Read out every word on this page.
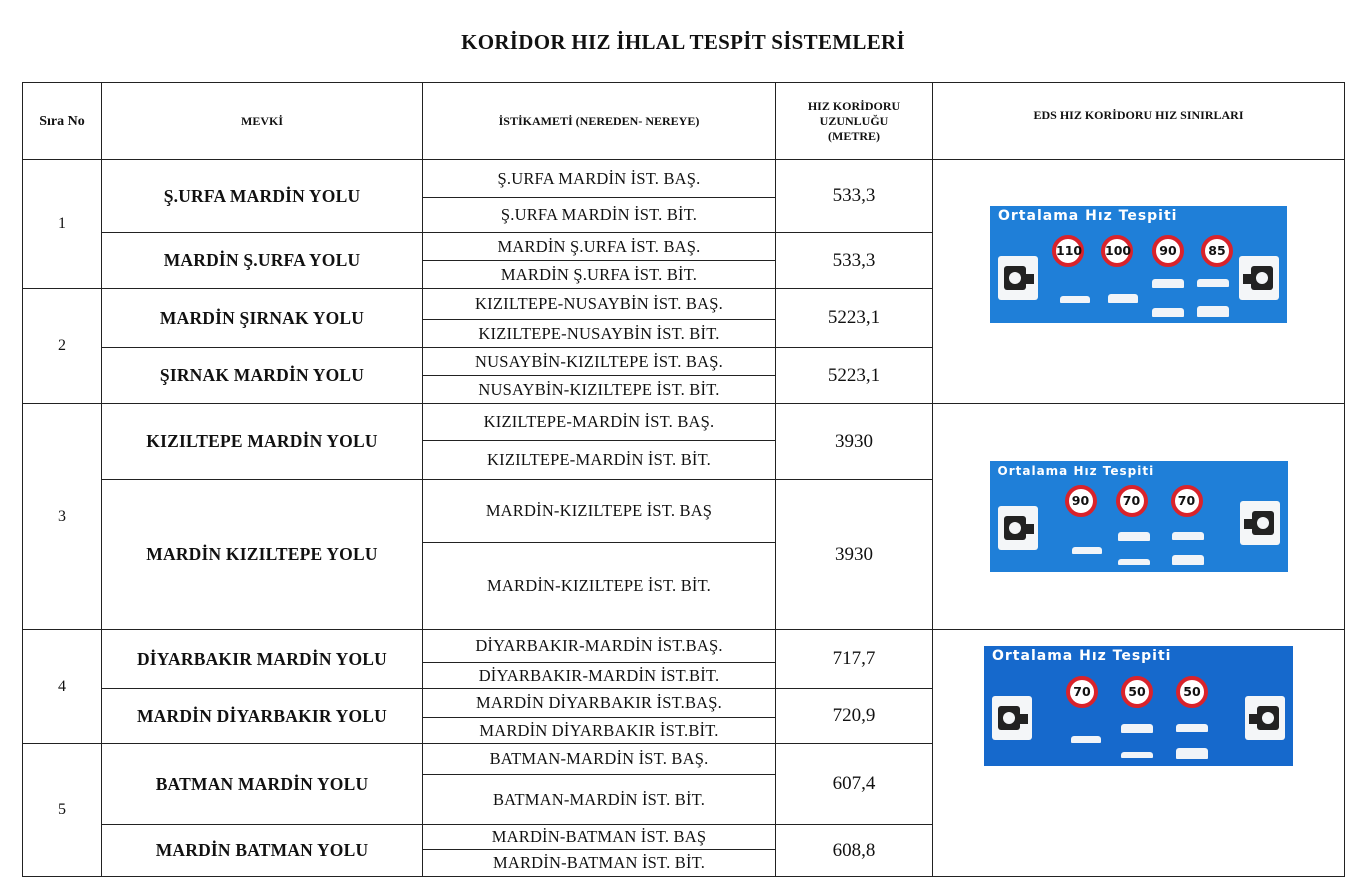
KORİDOR HIZ İHLAL TESPİT SİSTEMLERİ
Sıra No	MEVKİ	İSTİKAMETİ (NEREDEN- NEREYE)	HIZ KORİDORU UZUNLUĞU (METRE)	EDS HIZ KORİDORU HIZ SINIRLARI
1	Ş.URFA MARDİN YOLU	Ş.URFA MARDİN İST. BAŞ.	533,3	Ortalama Hız Tespiti
110 100 90 85

		Ş.URFA MARDİN İST. BİT.		
	MARDİN Ş.URFA YOLU	MARDİN Ş.URFA İST. BAŞ.	533,3	
		MARDİN Ş.URFA İST. BİT.		
2	MARDİN ŞIRNAK YOLU	KIZILTEPE-NUSAYBİN İST. BAŞ.	5223,1	
		KIZILTEPE-NUSAYBİN İST. BİT.		
	ŞIRNAK MARDİN YOLU	NUSAYBİN-KIZILTEPE İST. BAŞ.	5223,1	
		NUSAYBİN-KIZILTEPE İST. BİT.		
3	KIZILTEPE MARDİN YOLU	KIZILTEPE-MARDİN İST. BAŞ.	3930	Ortalama Hız Tespiti
90 70 70

		KIZILTEPE-MARDİN İST. BİT.		
	MARDİN KIZILTEPE YOLU	MARDİN-KIZILTEPE İST. BAŞ	3930	
		MARDİN-KIZILTEPE İST. BİT.		
4	DİYARBAKIR MARDİN YOLU	DİYARBAKIR-MARDİN İST.BAŞ.	717,7	Ortalama Hız Tespiti
70 50 50

		DİYARBAKIR-MARDİN İST.BİT.		
	MARDİN DİYARBAKIR YOLU	MARDİN DİYARBAKIR İST.BAŞ.	720,9	
		MARDİN DİYARBAKIR İST.BİT.		
5	BATMAN MARDİN YOLU	BATMAN-MARDİN İST. BAŞ.	607,4	
		BATMAN-MARDİN İST. BİT.		
	MARDİN BATMAN YOLU	MARDİN-BATMAN İST. BAŞ	608,8	
		MARDİN-BATMAN İST. BİT.		
